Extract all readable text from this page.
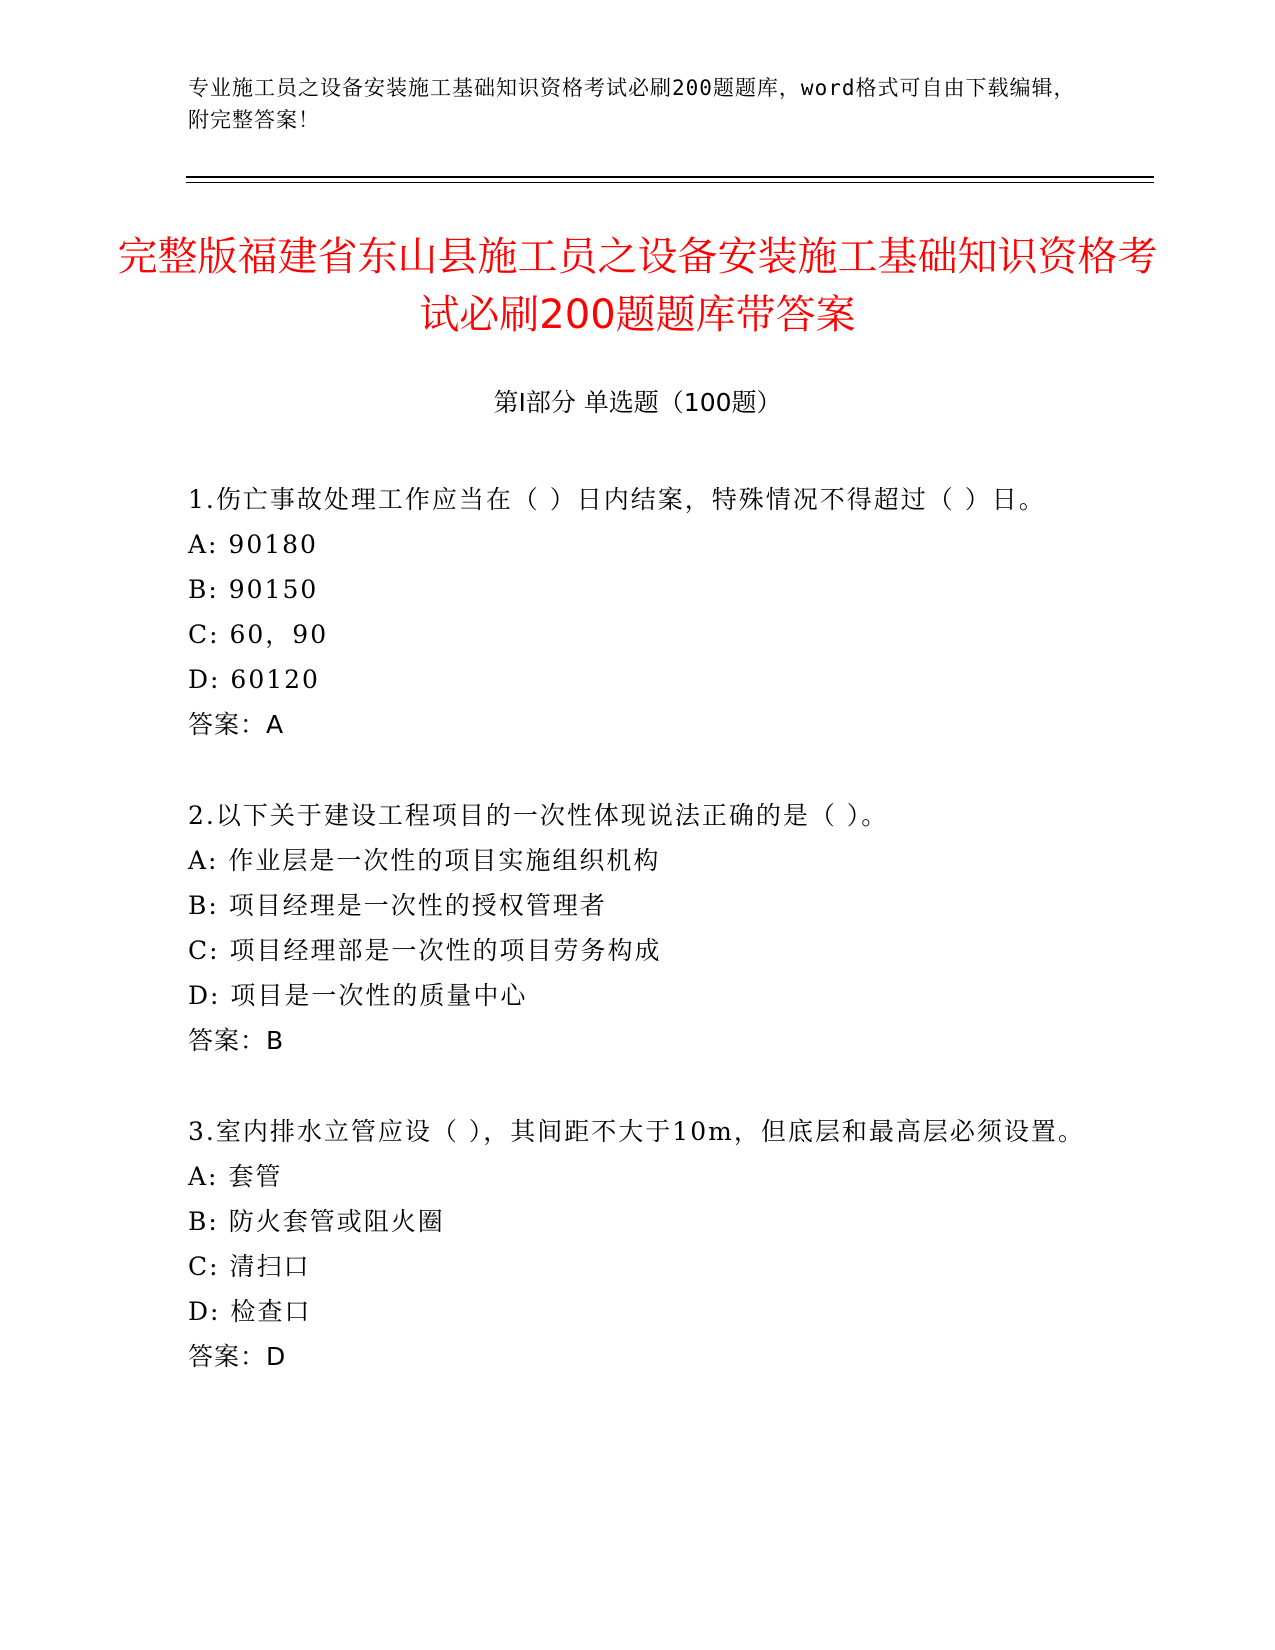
专业施工员之设备安装施工基础知识资格考试必刷200题题库，word格式可自由下载编辑，附完整答案！
完整版福建省东山县施工员之设备安装施工基础知识资格考试必刷200题题库带答案
第Ⅰ部分 单选题（100题）
1.伤亡事故处理工作应当在（ ）日内结案，特殊情况不得超过（ ）日。
A: 90180
B: 90150
C: 60，90
D: 60120
答案：A
2.以下关于建设工程项目的一次性体现说法正确的是（ ）。
A: 作业层是一次性的项目实施组织机构
B: 项目经理是一次性的授权管理者
C: 项目经理部是一次性的项目劳务构成
D: 项目是一次性的质量中心
答案：B
3.室内排水立管应设（ ），其间距不大于10m，但底层和最高层必须设置。
A: 套管
B: 防火套管或阻火圈
C: 清扫口
D: 检查口
答案：D
